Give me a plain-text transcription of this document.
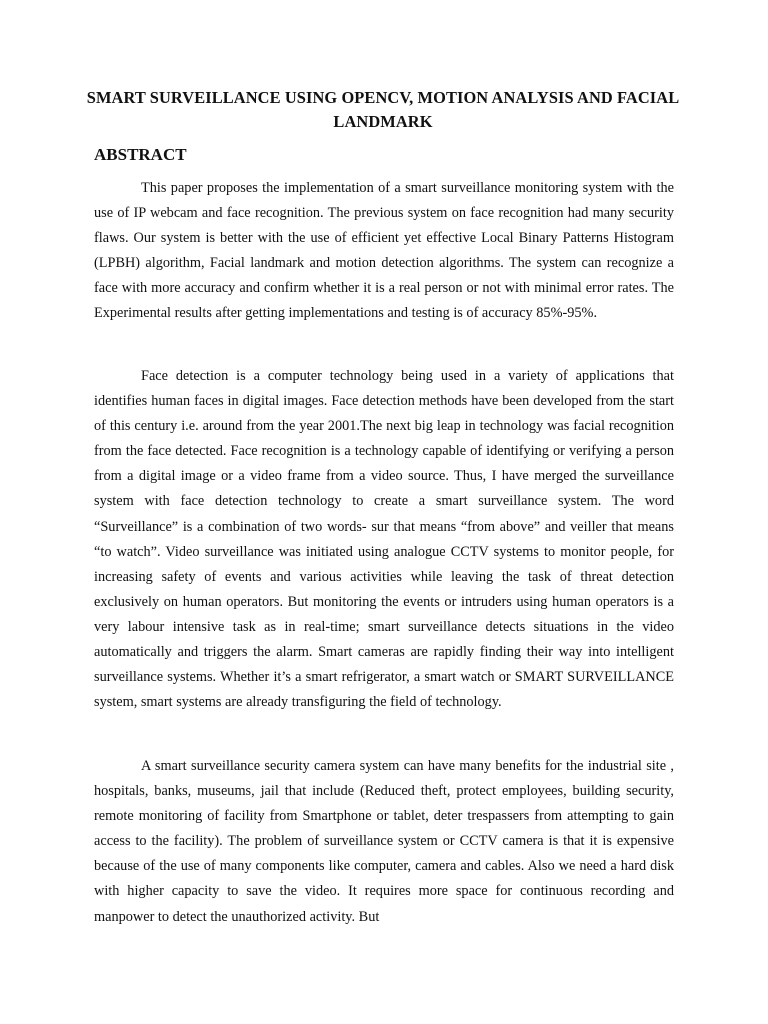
SMART SURVEILLANCE USING OPENCV, MOTION ANALYSIS AND FACIAL LANDMARK
ABSTRACT

This paper proposes the implementation of a smart surveillance monitoring system with the use of IP webcam and face recognition. The previous system on face recognition had many security flaws. Our system is better with the use of efficient yet effective Local Binary Patterns Histogram (LPBH) algorithm, Facial landmark and motion detection algorithms. The system can recognize a face with more accuracy and confirm whether it is a real person or not with minimal error rates. The Experimental results after getting implementations and testing is of accuracy 85%-95%.

Face detection is a computer technology being used in a variety of applications that identifies human faces in digital images. Face detection methods have been developed from the start of this century i.e. around from the year 2001.The next big leap in technology was facial recognition from the face detected. Face recognition is a technology capable of identifying or verifying a person from a digital image or a video frame from a video source. Thus, I have merged the surveillance system with face detection technology to create a smart surveillance system. The word “Surveillance” is a combination of two words- sur that means “from above” and veiller that means “to watch”. Video surveillance was initiated using analogue CCTV systems to monitor people, for increasing safety of events and various activities while leaving the task of threat detection exclusively on human operators. But monitoring the events or intruders using human operators is a very labour intensive task as in real-time; smart surveillance detects situations in the video automatically and triggers the alarm. Smart cameras are rapidly finding their way into intelligent surveillance systems. Whether it’s a smart refrigerator, a smart watch or SMART SURVEILLANCE system, smart systems are already transfiguring the field of technology.

A smart surveillance security camera system can have many benefits for the industrial site , hospitals, banks, museums, jail that include (Reduced theft, protect employees, building security, remote monitoring of facility from Smartphone or tablet, deter trespassers from attempting to gain access to the facility). The problem of surveillance system or CCTV camera is that it is expensive because of the use of many components like computer, camera and cables. Also we need a hard disk with higher capacity to save the video. It requires more space for continuous recording and manpower to detect the unauthorized activity. But
